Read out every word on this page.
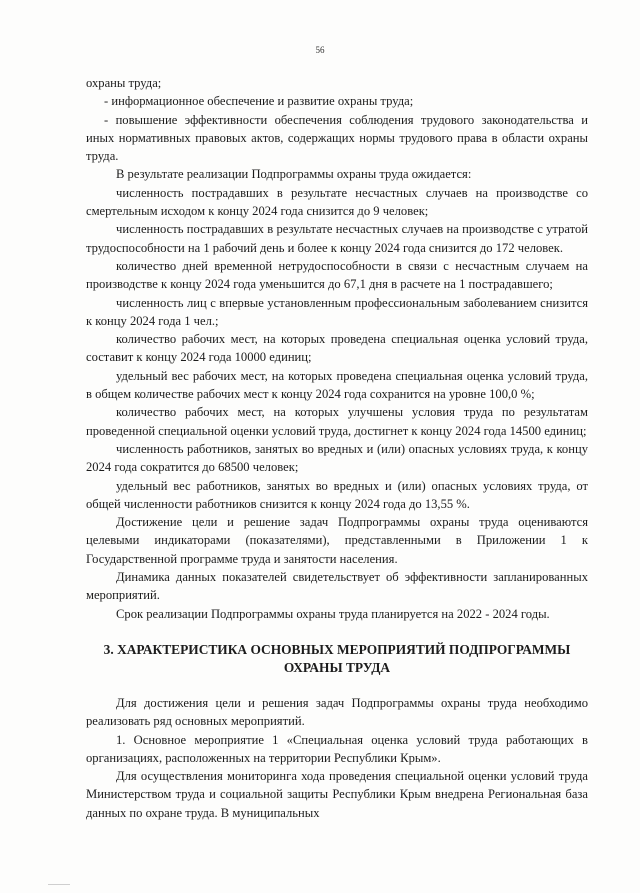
56

охраны труда;

- информационное обеспечение и развитие охраны труда;

- повышение эффективности обеспечения соблюдения трудового законодательства и иных нормативных правовых актов, содержащих нормы трудового права в области охраны труда.

В результате реализации Подпрограммы охраны труда ожидается:

численность пострадавших в результате несчастных случаев на производстве со смертельным исходом к концу 2024 года снизится до 9 человек;

численность пострадавших в результате несчастных случаев на производстве с утратой трудоспособности на 1 рабочий день и более к концу 2024 года снизится до 172 человек.

количество дней временной нетрудоспособности в связи с несчастным случаем на производстве к концу 2024 года уменьшится до 67,1 дня в расчете на 1 пострадавшего;

численность лиц с впервые установленным профессиональным заболеванием снизится к концу 2024 года 1 чел.;

количество рабочих мест, на которых проведена специальная оценка условий труда, составит к концу 2024 года 10000 единиц;

удельный вес рабочих мест, на которых проведена специальная оценка условий труда, в общем количестве рабочих мест к концу 2024 года сохранится на уровне 100,0 %;

количество рабочих мест, на которых улучшены условия труда по результатам проведенной специальной оценки условий труда, достигнет к концу 2024 года 14500 единиц;

численность работников, занятых во вредных и (или) опасных условиях труда, к концу 2024 года сократится до 68500 человек;

удельный вес работников, занятых во вредных и (или) опасных условиях труда, от общей численности работников снизится к концу 2024 года до 13,55 %.

Достижение цели и решение задач Подпрограммы охраны труда оцениваются целевыми индикаторами (показателями), представленными в Приложении 1 к Государственной программе труда и занятости населения.

Динамика данных показателей свидетельствует об эффективности запланированных мероприятий.

Срок реализации Подпрограммы охраны труда планируется на 2022 - 2024 годы.

3. ХАРАКТЕРИСТИКА ОСНОВНЫХ МЕРОПРИЯТИЙ ПОДПРОГРАММЫ
ОХРАНЫ ТРУДА

Для достижения цели и решения задач Подпрограммы охраны труда необходимо реализовать ряд основных мероприятий.

1. Основное мероприятие 1 «Специальная оценка условий труда работающих в организациях, расположенных на территории Республики Крым».

Для осуществления мониторинга хода проведения специальной оценки условий труда Министерством труда и социальной защиты Республики Крым внедрена Региональная база данных по охране труда. В муниципальных
